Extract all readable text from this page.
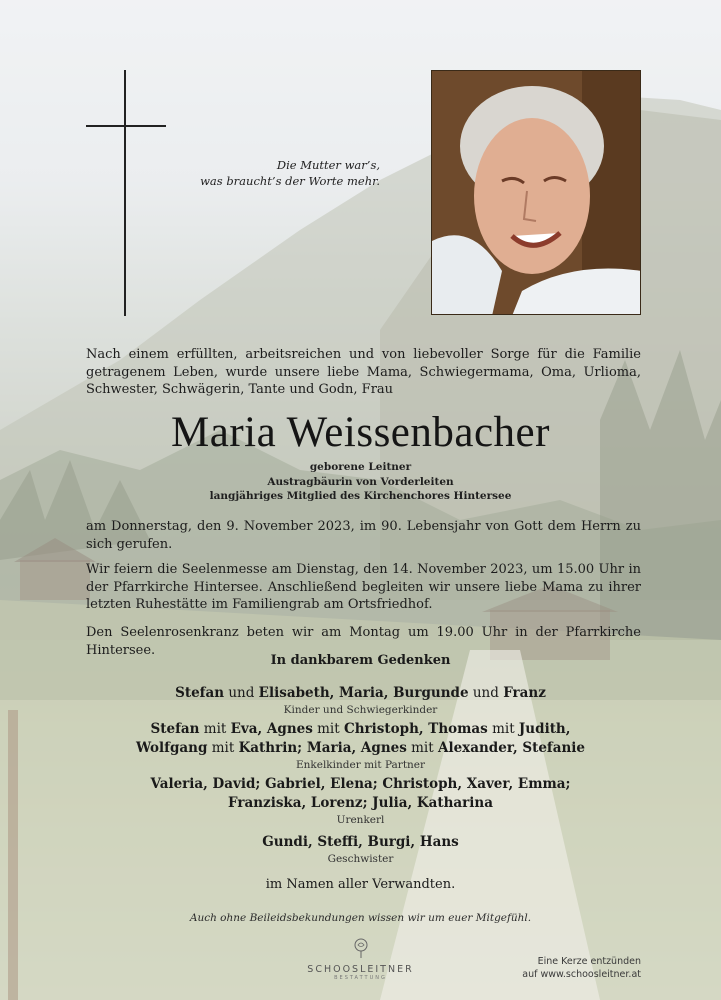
Die Mutter war’s,
was braucht’s der Worte mehr.
Nach einem erfüllten, arbeitsreichen und von liebevoller Sorge für die Familie getragenem Leben, wurde unsere liebe Mama, Schwiegermama, Oma, Urlioma, Schwester, Schwägerin, Tante und Godn, Frau
Maria Weissenbacher
geborene Leitner
Austragbäurin von Vorderleiten
langjähriges Mitglied des Kirchenchores Hintersee
am Donnerstag, den 9. November 2023, im 90. Lebensjahr von Gott dem Herrn zu sich gerufen.
Wir feiern die Seelenmesse am Dienstag, den 14. November 2023, um 15.00 Uhr in der Pfarrkirche Hintersee. Anschließend begleiten wir unsere liebe Mama zu ihrer letzten Ruhestätte im Familiengrab am Ortsfriedhof.
Den Seelenrosenkranz beten wir am Montag um 19.00 Uhr in der Pfarrkirche Hintersee.
In dankbarem Gedenken
Stefan und Elisabeth, Maria, Burgunde und Franz
Kinder und Schwiegerkinder
Stefan mit Eva, Agnes mit Christoph, Thomas mit Judith,
Wolfgang mit Kathrin; Maria, Agnes mit Alexander, Stefanie
Enkelkinder mit Partner
Valeria, David; Gabriel, Elena; Christoph, Xaver, Emma;
Franziska, Lorenz; Julia, Katharina
Urenkerl
Gundi, Steffi, Burgi, Hans
Geschwister
im Namen aller Verwandten.
Auch ohne Beileidsbekundungen wissen wir um euer Mitgefühl.
SCHOOSLEITNER
BESTATTUNG
Eine Kerze entzünden
auf www.schoosleitner.at
